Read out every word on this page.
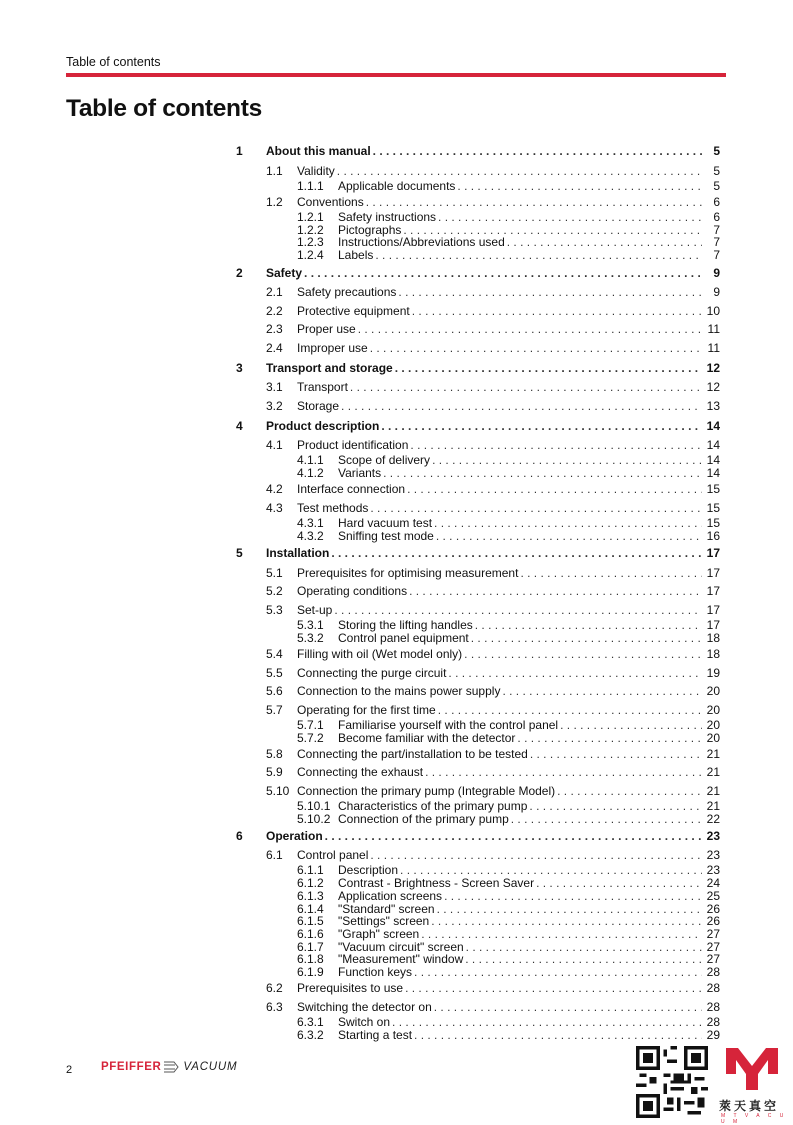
Table of contents
Table of contents
1	About this manual . . .	5
1.1	Validity . . .	5
1.1.1	Applicable documents . . .	5
1.2	Conventions . . .	6
1.2.1	Safety instructions . . .	6
1.2.2	Pictographs . . .	7
1.2.3	Instructions/Abbreviations used . . .	7
1.2.4	Labels . . .	7
2	Safety . . .	9
2.1	Safety precautions . . .	9
2.2	Protective equipment . . .	10
2.3	Proper use . . .	11
2.4	Improper use . . .	11
3	Transport and storage . . .	12
3.1	Transport . . .	12
3.2	Storage . . .	13
4	Product description . . .	14
4.1	Product identification . . .	14
4.1.1	Scope of delivery . . .	14
4.1.2	Variants . . .	14
4.2	Interface connection . . .	15
4.3	Test methods . . .	15
4.3.1	Hard vacuum test . . .	15
4.3.2	Sniffing test mode . . .	16
5	Installation . . .	17
5.1	Prerequisites for optimising measurement . . .	17
5.2	Operating conditions . . .	17
5.3	Set-up . . .	17
5.3.1	Storing the lifting handles . . .	17
5.3.2	Control panel equipment . . .	18
5.4	Filling with oil (Wet model only) . . .	18
5.5	Connecting the purge circuit . . .	19
5.6	Connection to the mains power supply . . .	20
5.7	Operating for the first time . . .	20
5.7.1	Familiarise yourself with the control panel . . .	20
5.7.2	Become familiar with the detector . . .	20
5.8	Connecting the part/installation to be tested . . .	21
5.9	Connecting the exhaust . . .	21
5.10 Connection the primary pump (Integrable Model) . . .	21
5.10.1 Characteristics of the primary pump . . .	21
5.10.2 Connection of the primary pump . . .	22
6	Operation . . .	23
6.1	Control panel . . .	23
6.1.1	Description . . .	23
6.1.2	Contrast - Brightness - Screen Saver . . .	24
6.1.3	Application screens . . .	25
6.1.4	"Standard" screen . . .	26
6.1.5	"Settings" screen . . .	26
6.1.6	"Graph" screen . . .	27
6.1.7	"Vacuum circuit" screen . . .	27
6.1.8	"Measurement" window . . .	27
6.1.9	Function keys . . .	28
6.2	Prerequisites to use . . .	28
6.3	Switching the detector on . . .	28
6.3.1	Switch on . . .	28
6.3.2	Starting a test . . .	29
2	PFEIFFER VACUUM
萊天真空
M T V A C U U M
